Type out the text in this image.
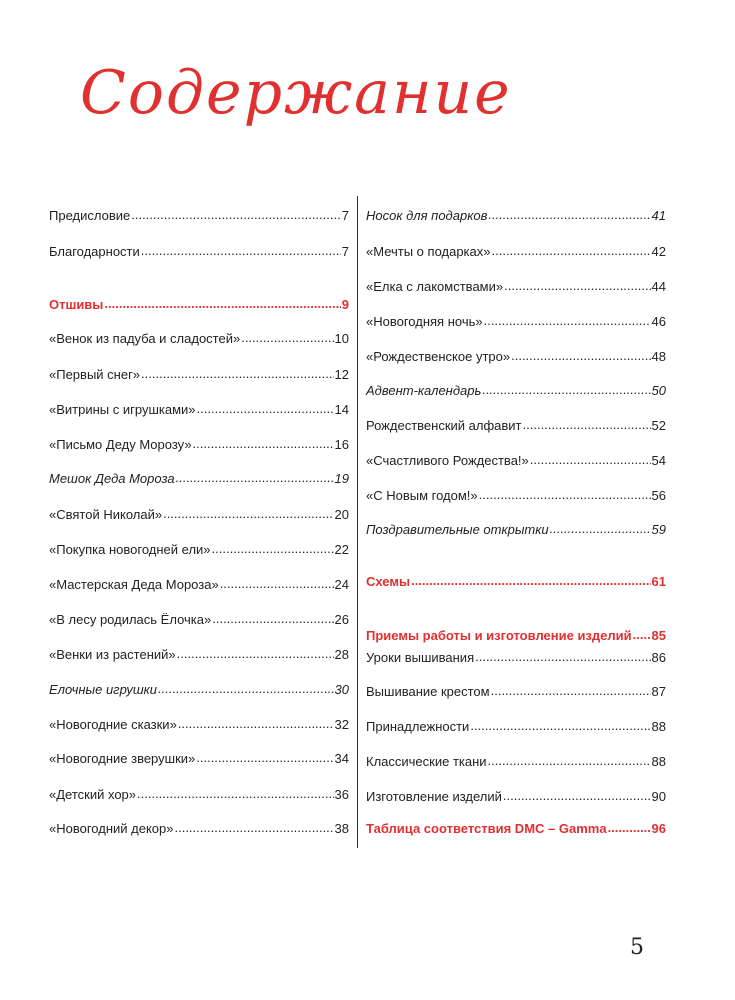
Содержание
Предисловие .....	7
Благодарности .....	7
Отшивы .....	9
«Венок из падуба и сладостей» .....	10
«Первый снег» .....	12
«Витрины с игрушками» .....	14
«Письмо Деду Морозу» .....	16
Мешок Деда Мороза .....	19
«Святой Николай» .....	20
«Покупка новогодней ели» .....	22
«Мастерская Деда Мороза» .....	24
«В лесу родилась Ёлочка» .....	26
«Венки из растений» .....	28
Елочные игрушки .....	30
«Новогодние сказки» .....	32
«Новогодние зверушки» .....	34
«Детский хор» .....	36
«Новогодний декор» .....	38
Носок для подарков .....	41
«Мечты о подарках» .....	42
«Елка с лакомствами» .....	44
«Новогодняя ночь» .....	46
«Рождественское утро» .....	48
Адвент-календарь .....	50
Рождественский алфавит .....	52
«Счастливого Рождества!» .....	54
«С Новым годом!» .....	56
Поздравительные открытки .....	59
Схемы .....	61
Приемы работы и изготовление изделий ..... 85
Уроки вышивания .....	86
Вышивание крестом .....	87
Принадлежности .....	88
Классические ткани .....	88
Изготовление изделий .....	90
Таблица соответствия DMC – Gamma .....	96
5
